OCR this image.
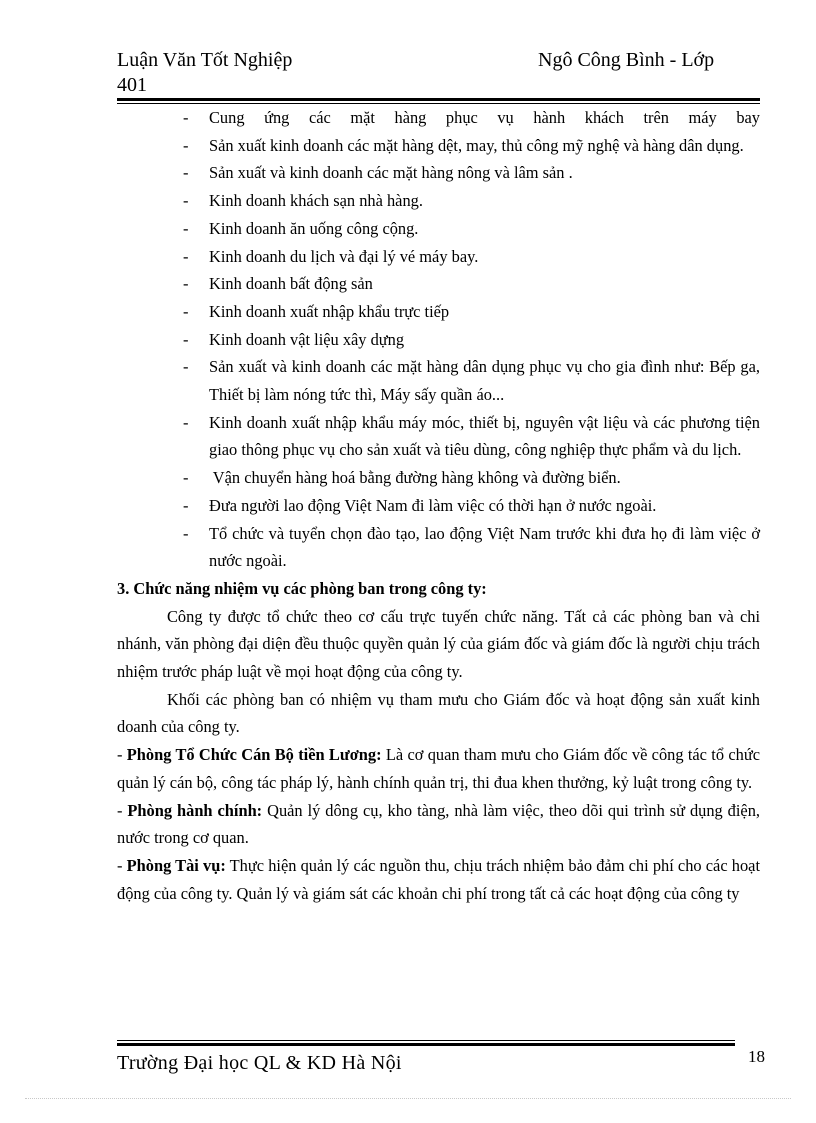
Luận Văn Tốt Nghiệp	Ngô Công Bình - Lớp
401
- Cung ứng các mặt hàng phục vụ hành khách trên máy bay
- Sản xuất kinh doanh các mặt hàng dệt, may, thủ công mỹ nghệ và hàng dân dụng.
- Sản xuất và kinh doanh các mặt hàng nông và lâm sản .
- Kinh doanh khách sạn nhà hàng.
- Kinh doanh ăn uống công cộng.
- Kinh doanh du lịch và đại lý vé máy bay.
- Kinh doanh bất động sản
- Kinh doanh xuất nhập khẩu trực tiếp
- Kinh doanh vật liệu xây dựng
- Sản xuất và kinh doanh các mặt hàng dân dụng phục vụ cho gia đình như: Bếp ga, Thiết bị làm nóng tức thì, Máy sấy quần áo...
- Kinh doanh xuất nhập khẩu máy móc, thiết bị, nguyên vật liệu và các phương tiện giao thông phục vụ cho sản xuất và tiêu dùng, công nghiệp thực phẩm và du lịch.
- Vận chuyển hàng hoá bằng đường hàng không và đường biển.
- Đưa người lao động Việt Nam đi làm việc có thời hạn ở nước ngoài.
- Tổ chức và tuyển chọn đào tạo, lao động Việt Nam trước khi đưa họ đi làm việc ở nước ngoài.

3. Chức năng nhiệm vụ các phòng ban trong công ty:

Công ty được tổ chức theo cơ cấu trực tuyến chức năng. Tất cả các phòng ban và chi nhánh, văn phòng đại diện đều thuộc quyền quản lý của giám đốc và giám đốc là người chịu trách nhiệm trước pháp luật về mọi hoạt động của công ty.

Khối các phòng ban có nhiệm vụ tham mưu cho Giám đốc và hoạt động sản xuất kinh doanh của công ty.

- Phòng Tổ Chức Cán Bộ tiền Lương: Là cơ quan tham mưu cho Giám đốc về công tác tổ chức quản lý cán bộ, công tác pháp lý, hành chính quản trị, thi đua khen thưởng, kỷ luật trong công ty.

- Phòng hành chính: Quản lý dông cụ, kho tàng, nhà làm việc, theo dõi qui trình sử dụng điện, nước trong cơ quan.

- Phòng Tài vụ: Thực hiện quản lý các nguồn thu, chịu trách nhiệm bảo đảm chi phí cho các hoạt động của công ty. Quản lý và giám sát các khoản chi phí trong tất cả các hoạt động của công ty

Trường Đại học QL & KD Hà Nội	18
